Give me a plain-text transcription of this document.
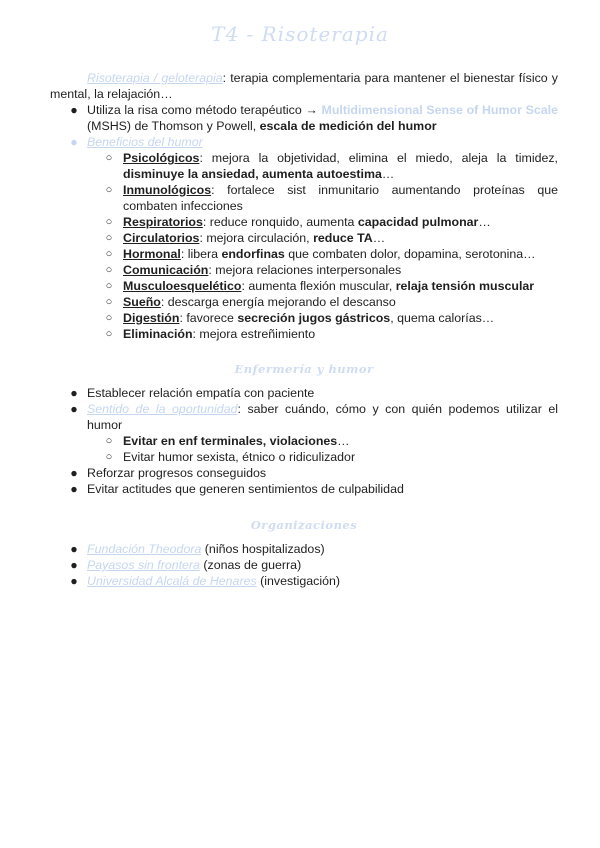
T4 - Risoterapia

Risoterapia / geloterapia: terapia complementaria para mantener el bienestar físico y mental, la relajación…

● Utiliza la risa como método terapéutico → Multidimensional Sense of Humor Scale (MSHS) de Thomson y Powell, escala de medición del humor
● Beneficios del humor
○ Psicológicos: mejora la objetividad, elimina el miedo, aleja la timidez, disminuye la ansiedad, aumenta autoestima…
○ Inmunológicos: fortalece sist inmunitario aumentando proteínas que combaten infecciones
○ Respiratorios: reduce ronquido, aumenta capacidad pulmonar…
○ Circulatorios: mejora circulación, reduce TA…
○ Hormonal: libera endorfinas que combaten dolor, dopamina, serotonina…
○ Comunicación: mejora relaciones interpersonales
○ Musculoesquelético: aumenta flexión muscular, relaja tensión muscular
○ Sueño: descarga energía mejorando el descanso
○ Digestión: favorece secreción jugos gástricos, quema calorías…
○ Eliminación: mejora estreñimiento
Enfermería y humor
● Establecer relación empatía con paciente
● Sentido de la oportunidad: saber cuándo, cómo y con quién podemos utilizar el humor
○ Evitar en enf terminales, violaciones…
○ Evitar humor sexista, étnico o ridiculizador
● Reforzar progresos conseguidos
● Evitar actitudes que generen sentimientos de culpabilidad
Organizaciones
● Fundación Theodora (niños hospitalizados)
● Payasos sin frontera (zonas de guerra)
● Universidad Alcalá de Henares (investigación)
